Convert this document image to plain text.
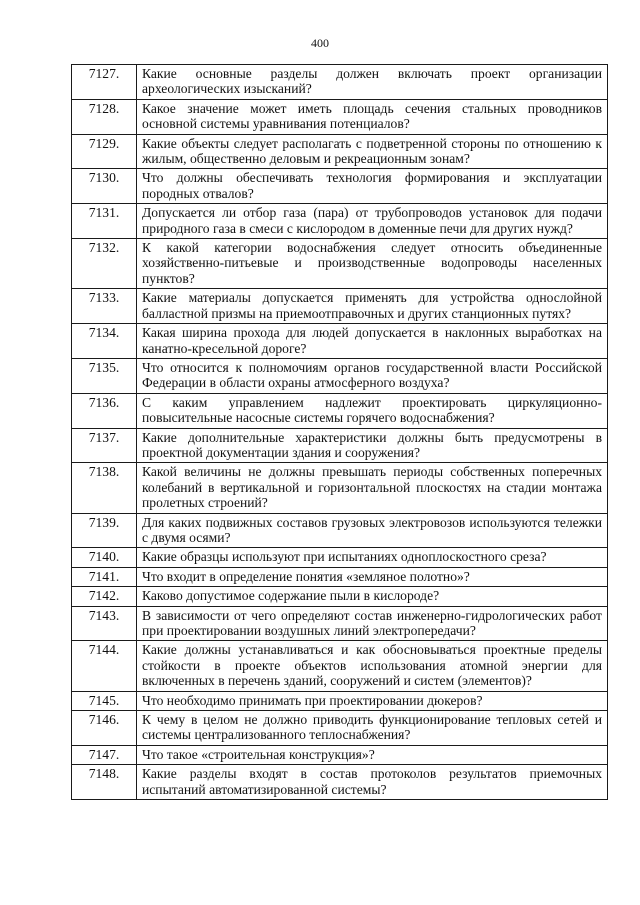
400
7127.	Какие основные разделы должен включать проект организации археологических изысканий?
7128.	Какое значение может иметь площадь сечения стальных проводников основной системы уравнивания потенциалов?
7129.	Какие объекты следует располагать с подветренной стороны по отношению к жилым, общественно деловым и рекреационным зонам?
7130.	Что должны обеспечивать технология формирования и эксплуатации породных отвалов?
7131.	Допускается ли отбор газа (пара) от трубопроводов установок для подачи природного газа в смеси с кислородом в доменные печи для других нужд?
7132.	К какой категории водоснабжения следует относить объединенные хозяйственно-питьевые и производственные водопроводы населенных пунктов?
7133.	Какие материалы допускается применять для устройства однослойной балластной призмы на приемоотправочных и других станционных путях?
7134.	Какая ширина прохода для людей допускается в наклонных выработках на канатно-кресельной дороге?
7135.	Что относится к полномочиям органов государственной власти Российской Федерации в области охраны атмосферного воздуха?
7136.	С каким управлением надлежит проектировать циркуляционно-повысительные насосные системы горячего водоснабжения?
7137.	Какие дополнительные характеристики должны быть предусмотрены в проектной документации здания и сооружения?
7138.	Какой величины не должны превышать периоды собственных поперечных колебаний в вертикальной и горизонтальной плоскостях на стадии монтажа пролетных строений?
7139.	Для каких подвижных составов грузовых электровозов используются тележки с двумя осями?
7140.	Какие образцы используют при испытаниях одноплоскостного среза?
7141.	Что входит в определение понятия «земляное полотно»?
7142.	Каково допустимое содержание пыли в кислороде?
7143.	В зависимости от чего определяют состав инженерно-гидрологических работ при проектировании воздушных линий электропередачи?
7144.	Какие должны устанавливаться и как обосновываться проектные пределы стойкости в проекте объектов использования атомной энергии для включенных в перечень зданий, сооружений и систем (элементов)?
7145.	Что необходимо принимать при проектировании дюкеров?
7146.	К чему в целом не должно приводить функционирование тепловых сетей и системы централизованного теплоснабжения?
7147.	Что такое «строительная конструкция»?
7148.	Какие разделы входят в состав протоколов результатов приемочных испытаний автоматизированной системы?
